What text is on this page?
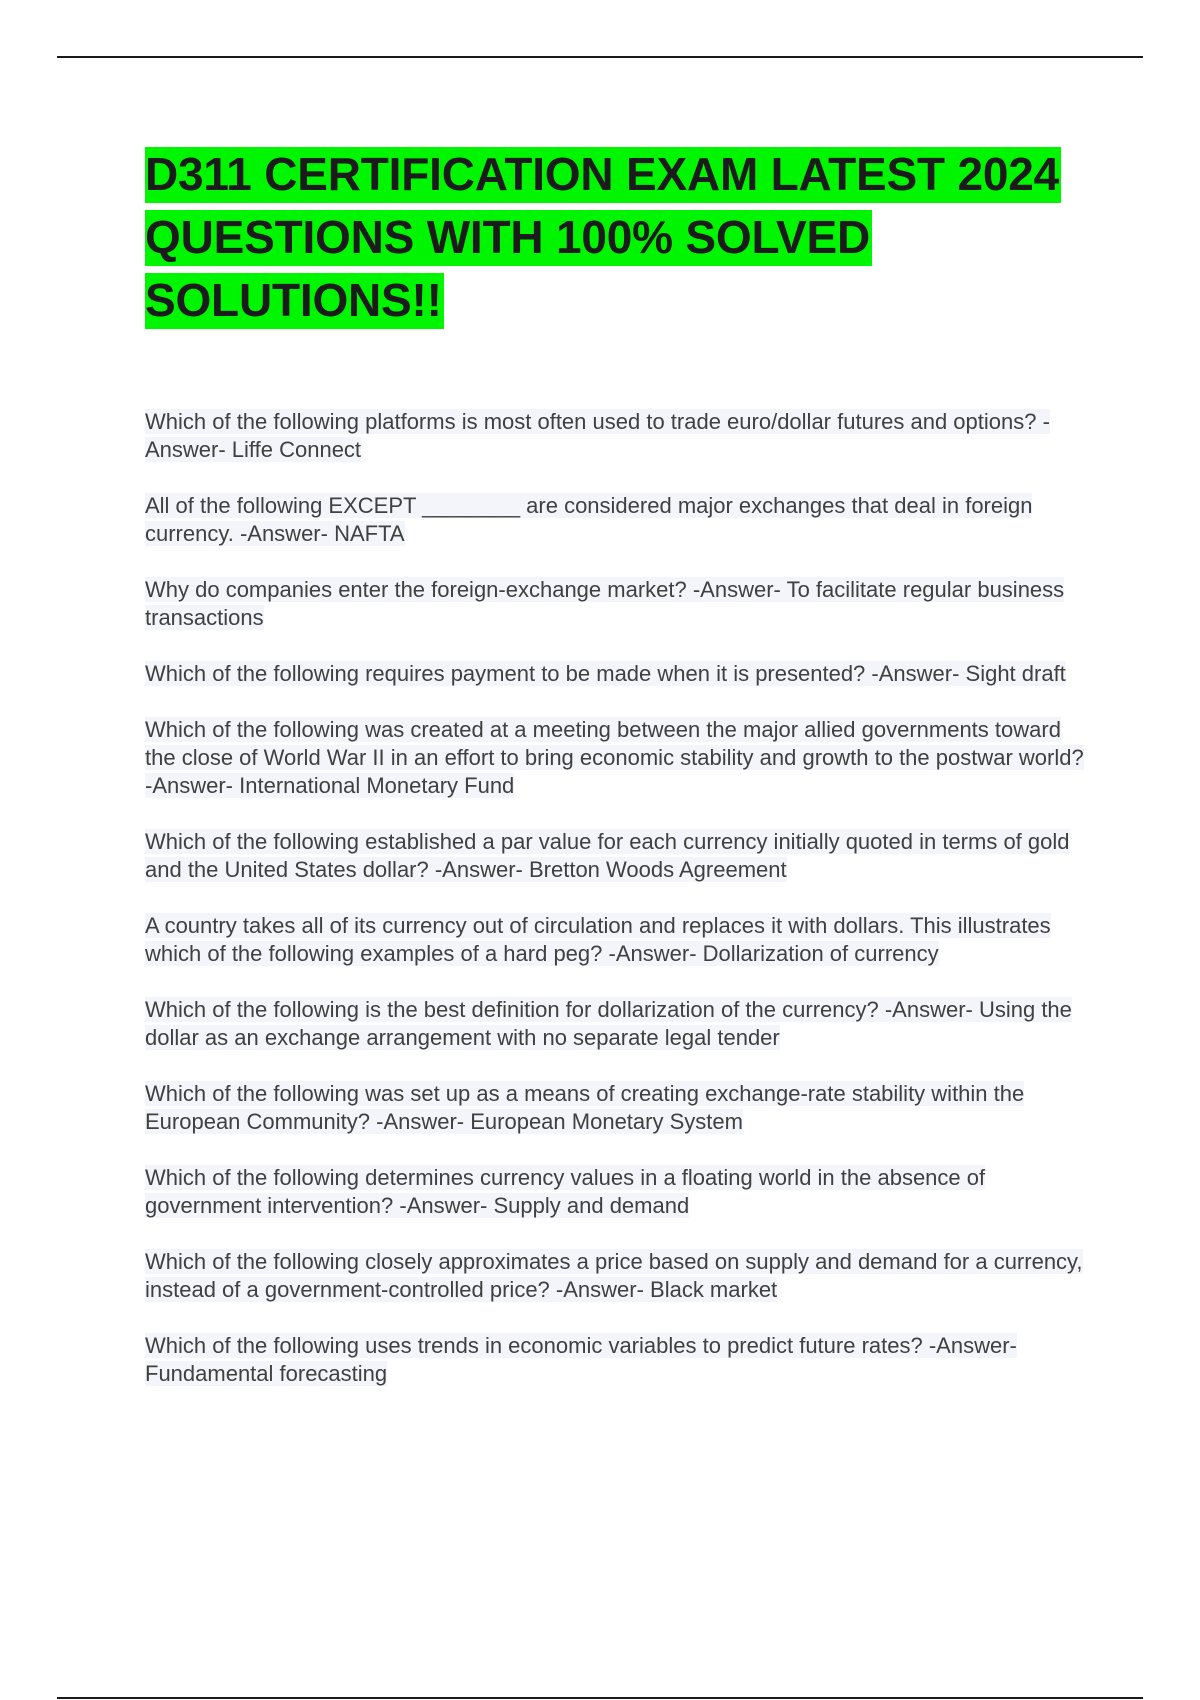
D311 CERTIFICATION EXAM LATEST 2024 QUESTIONS WITH 100% SOLVED SOLUTIONS!!

Which of the following platforms is most often used to trade euro/dollar futures and options? -Answer- Liffe Connect

All of the following EXCEPT ________ are considered major exchanges that deal in foreign currency. -Answer- NAFTA

Why do companies enter the foreign-exchange market? -Answer- To facilitate regular business transactions

Which of the following requires payment to be made when it is presented? -Answer- Sight draft

Which of the following was created at a meeting between the major allied governments toward the close of World War II in an effort to bring economic stability and growth to the postwar world? -Answer- International Monetary Fund

Which of the following established a par value for each currency initially quoted in terms of gold and the United States dollar? -Answer- Bretton Woods Agreement

A country takes all of its currency out of circulation and replaces it with dollars. This illustrates which of the following examples of a hard peg? -Answer- Dollarization of currency

Which of the following is the best definition for dollarization of the currency? -Answer- Using the dollar as an exchange arrangement with no separate legal tender

Which of the following was set up as a means of creating exchange-rate stability within the European Community? -Answer- European Monetary System

Which of the following determines currency values in a floating world in the absence of government intervention? -Answer- Supply and demand

Which of the following closely approximates a price based on supply and demand for a currency, instead of a government-controlled price? -Answer- Black market

Which of the following uses trends in economic variables to predict future rates? -Answer- Fundamental forecasting
